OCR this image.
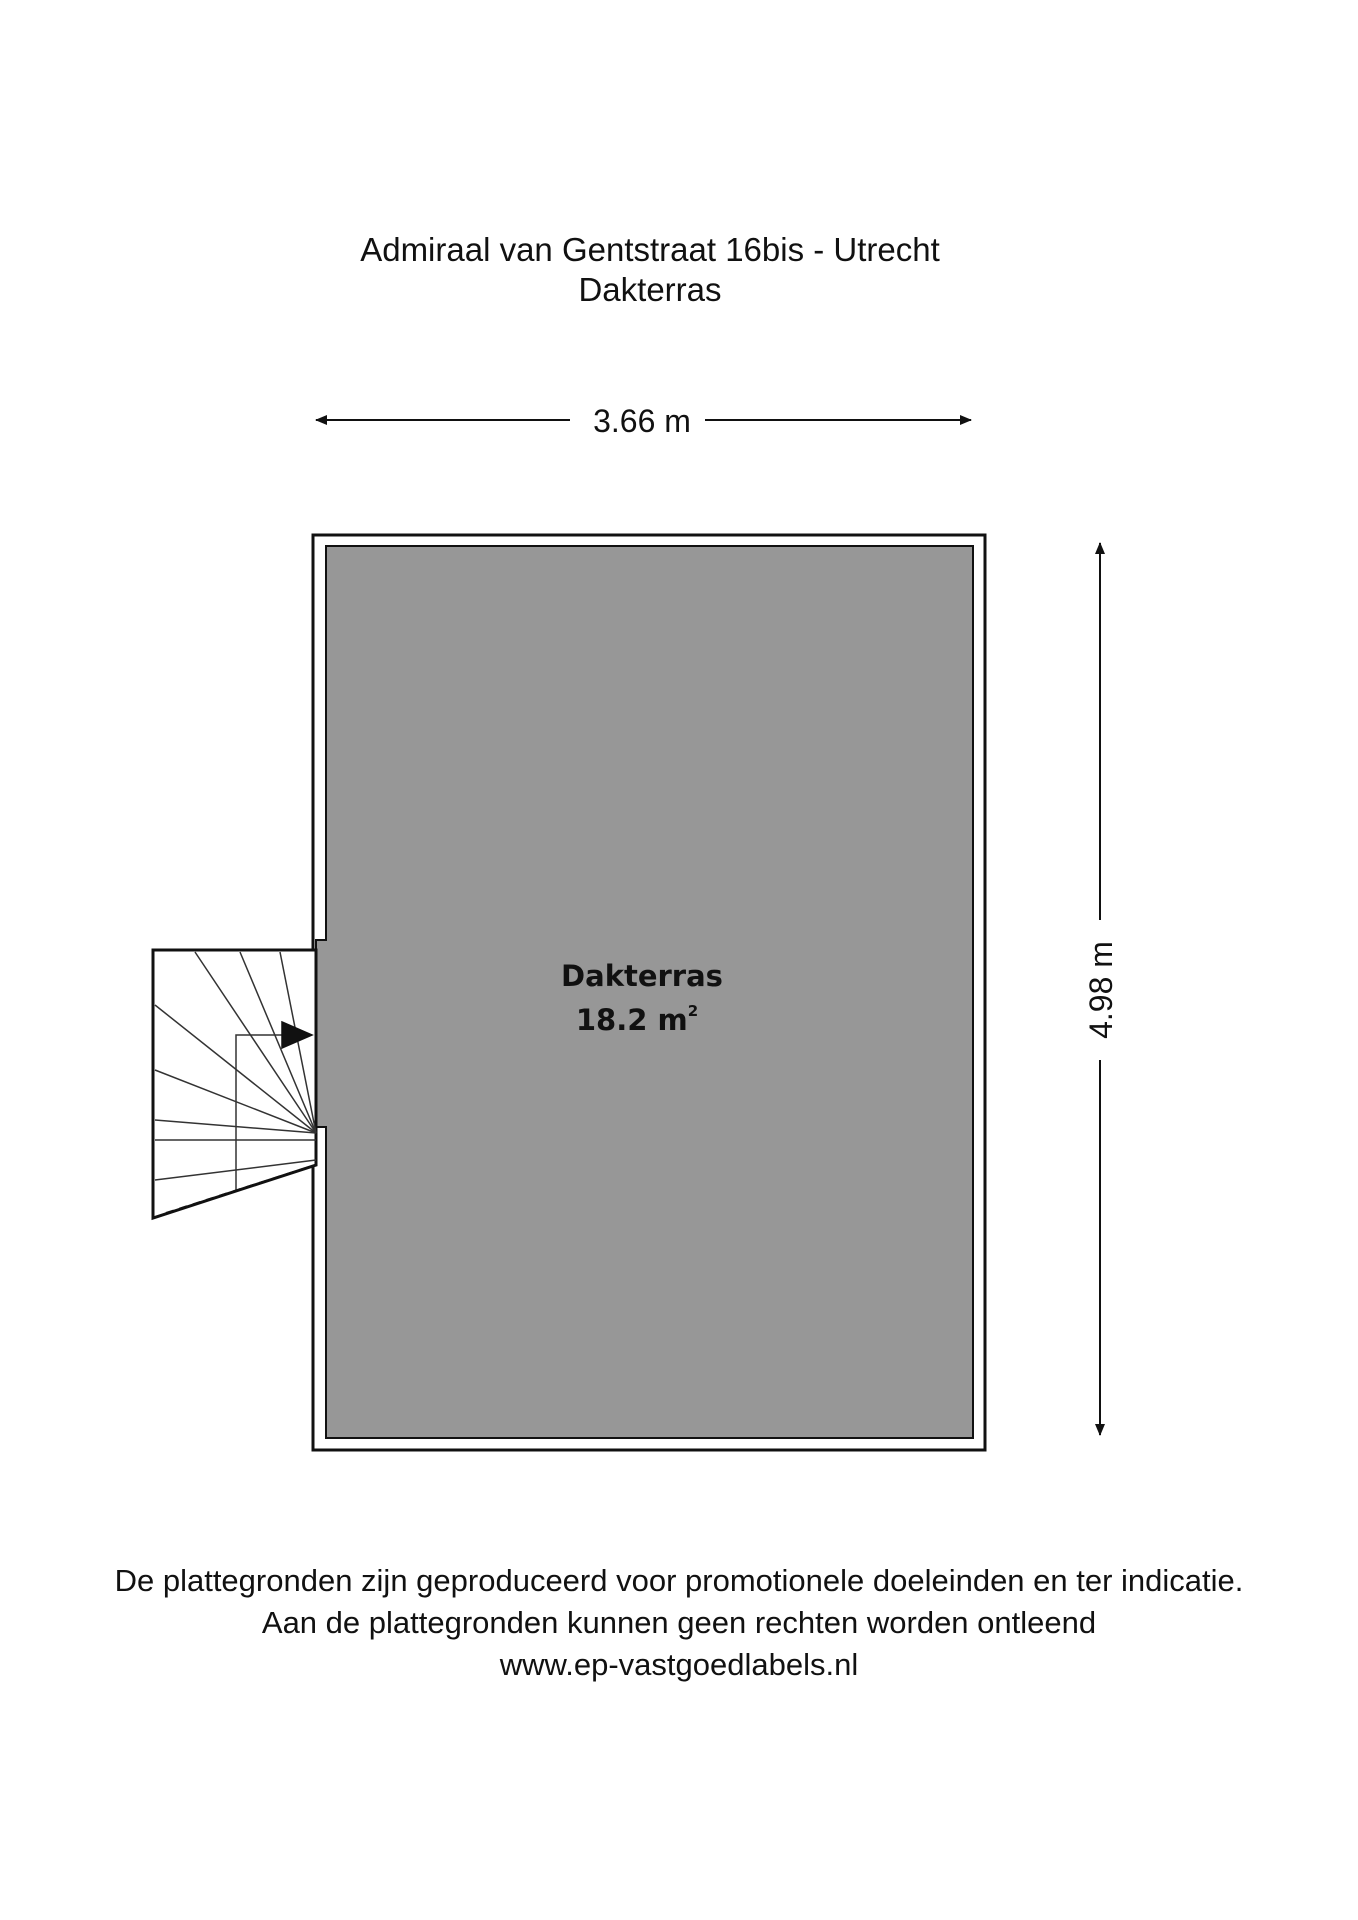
Admiraal van Gentstraat 16bis - Utrecht
Dakterras
3.66 m
4.98 m
Dakterras
18.2 $m^2$
De plattegronden zijn geproduceerd voor promotionele doeleinden en ter indicatie.
Aan de plattegronden kunnen geen rechten worden ontleend
www.ep-vastgoedlabels.nl
